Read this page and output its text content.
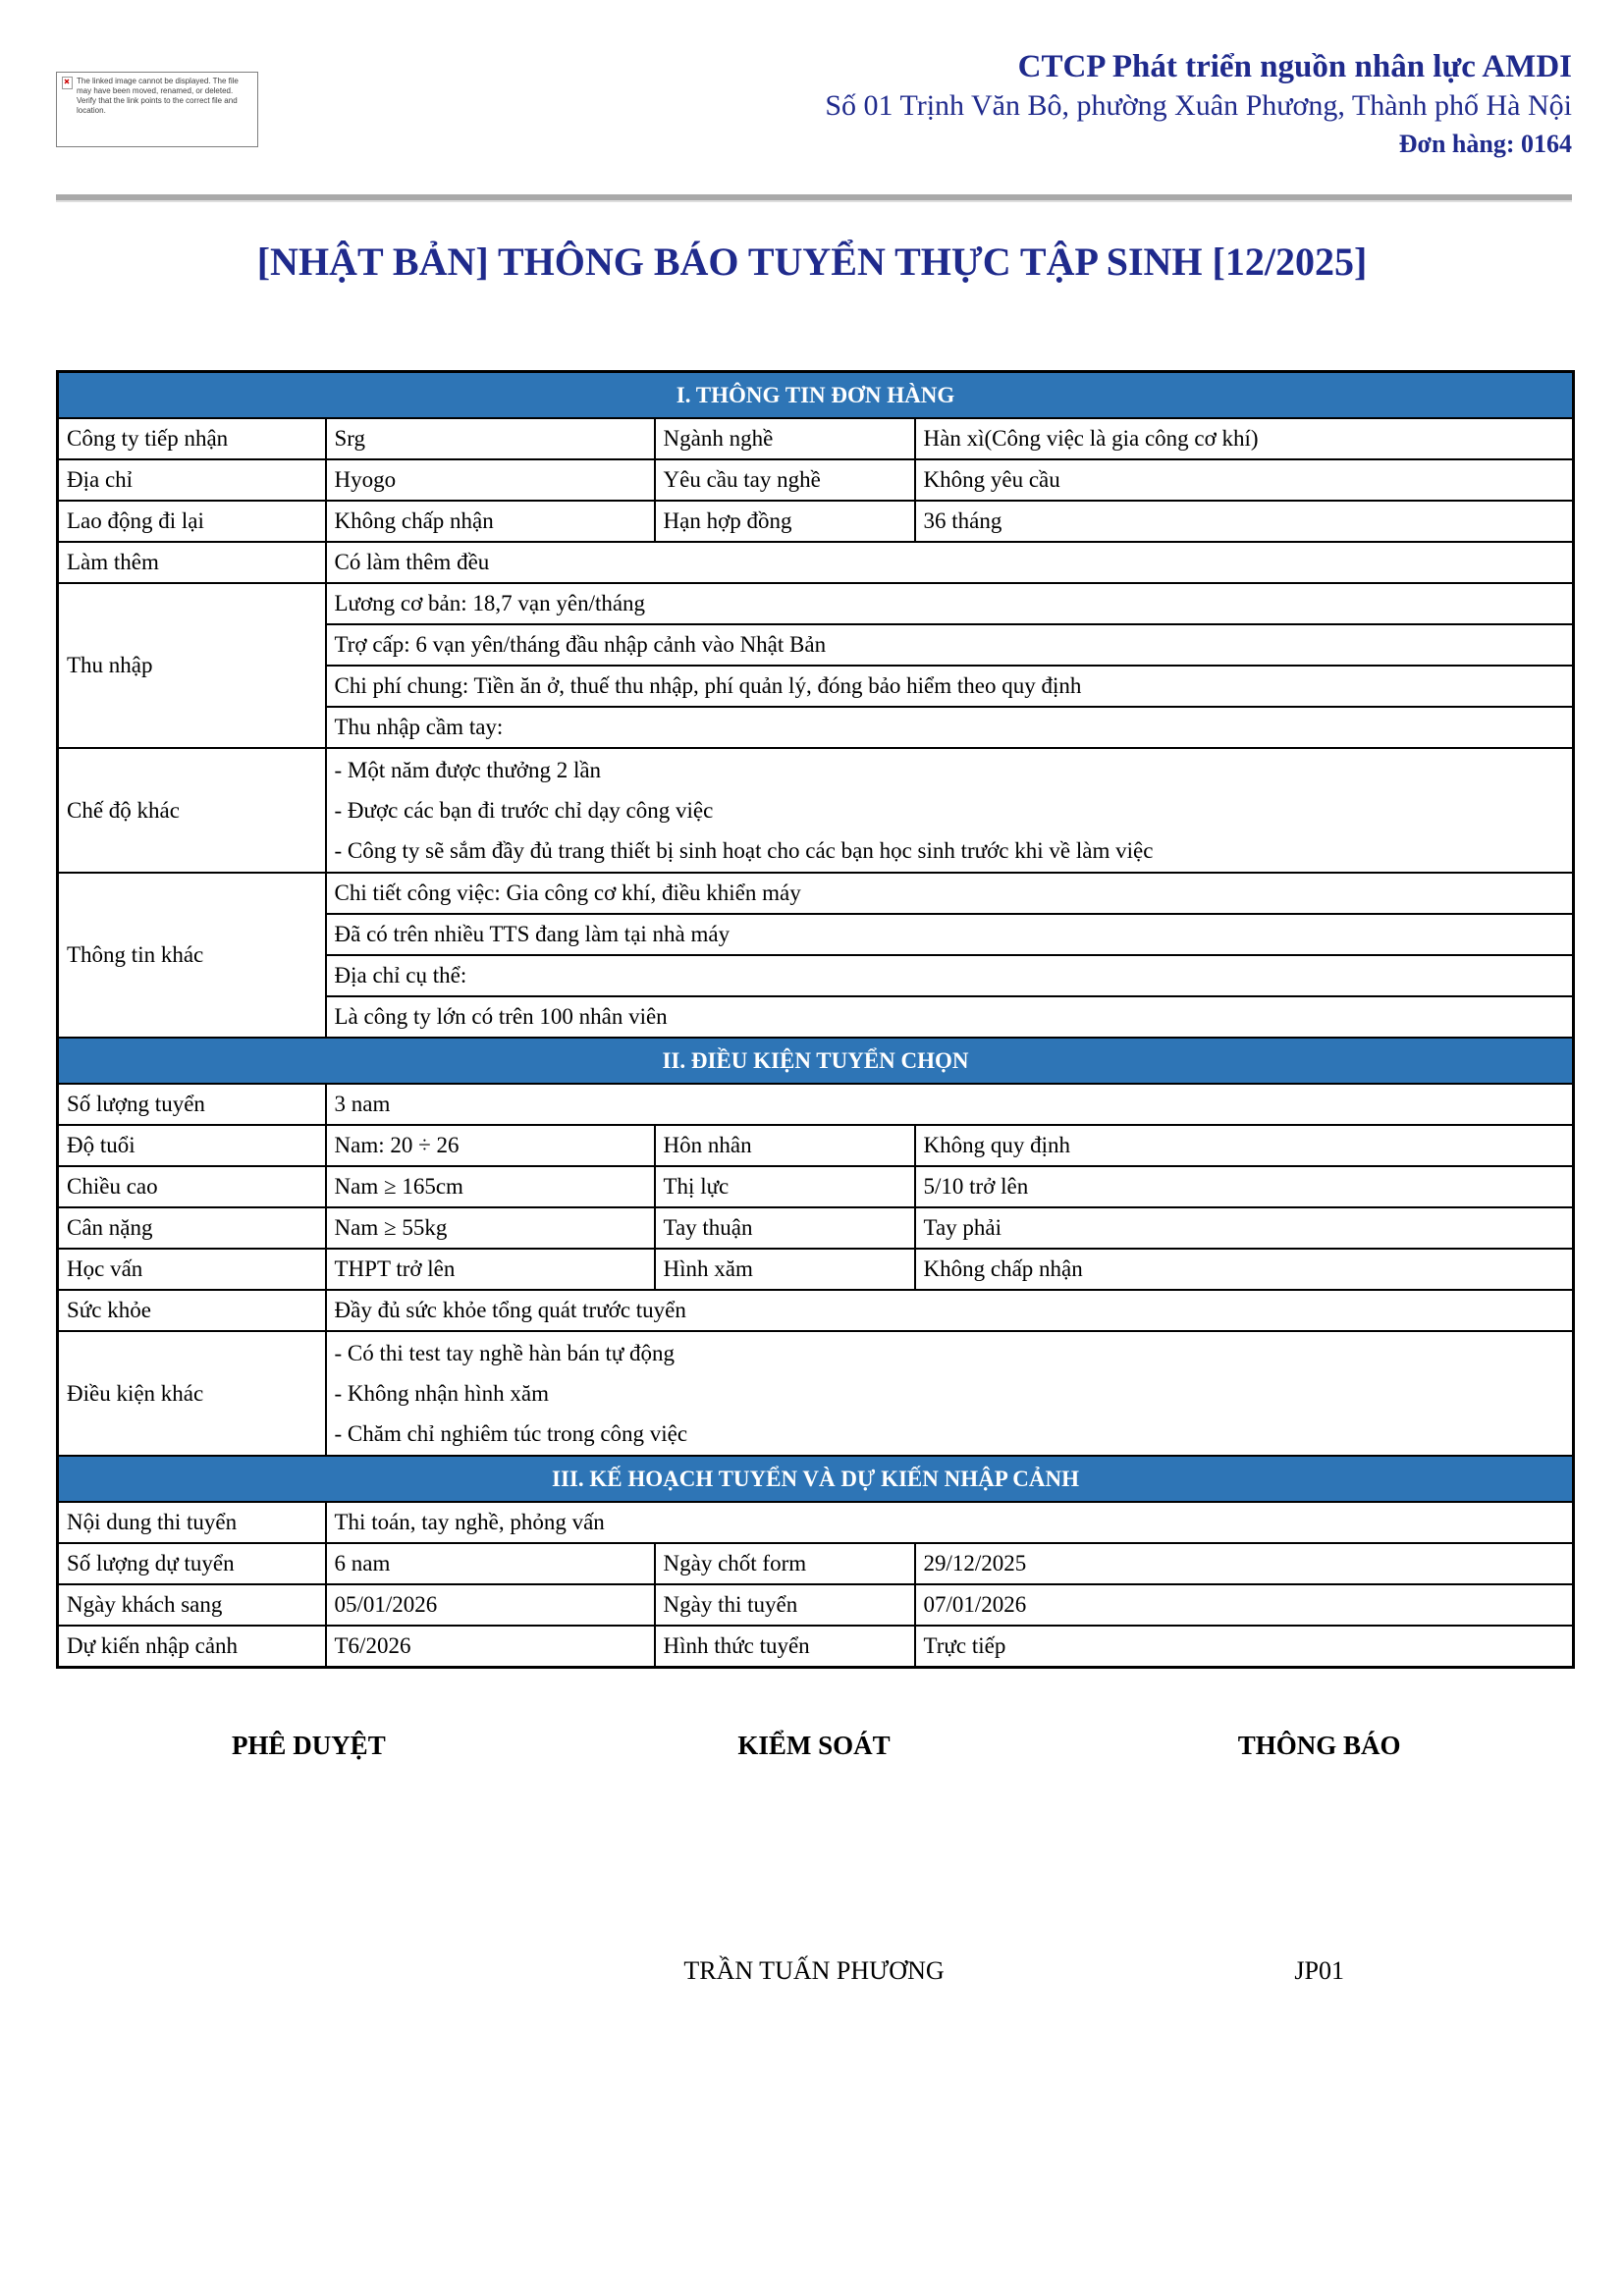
The linked image cannot be displayed. The file may have been moved, renamed, or deleted. Verify that the link points to the correct file and location.
CTCP Phát triển nguồn nhân lực AMDI
Số 01 Trịnh Văn Bô, phường Xuân Phương, Thành phố Hà Nội
Đơn hàng: 0164
[NHẬT BẢN] THÔNG BÁO TUYỂN THỰC TẬP SINH [12/2025]
I. THÔNG TIN ĐƠN HÀNG			
Công ty tiếp nhận	Srg	Ngành nghề	Hàn xì(Công việc là gia công cơ khí)
Địa chỉ	Hyogo	Yêu cầu tay nghề	Không yêu cầu
Lao động đi lại	Không chấp nhận	Hạn hợp đồng	36 tháng
Làm thêm	Có làm thêm đều		
Thu nhập	Lương cơ bản: 18,7 vạn yên/tháng		
	Trợ cấp: 6 vạn yên/tháng đầu nhập cảnh vào Nhật Bản		
	Chi phí chung: Tiền ăn ở, thuế thu nhập, phí quản lý, đóng bảo hiểm theo quy định		
	Thu nhập cầm tay:		
Chế độ khác	- Một năm được thưởng 2 lần
- Được các bạn đi trước chỉ dạy công việc
- Công ty sẽ sắm đầy đủ trang thiết bị sinh hoạt cho các bạn học sinh trước khi về làm việc		

Thông tin khác	Chi tiết công việc: Gia công cơ khí, điều khiển máy		
	Đã có trên nhiều TTS đang làm tại nhà máy		
	Địa chỉ cụ thể:		
	Là công ty lớn có trên 100 nhân viên		
II. ĐIỀU KIỆN TUYỂN CHỌN			
Số lượng tuyển	3 nam		
Độ tuổi	Nam: 20 ÷ 26	Hôn nhân	Không quy định
Chiều cao	Nam ≥ 165cm	Thị lực	5/10 trở lên
Cân nặng	Nam ≥ 55kg	Tay thuận	Tay phải
Học vấn	THPT trở lên	Hình xăm	Không chấp nhận
Sức khỏe	Đầy đủ sức khỏe tổng quát trước tuyển		
Điều kiện khác	- Có thi test tay nghề hàn bán tự động
- Không nhận hình xăm
- Chăm chỉ nghiêm túc trong công việc		

III. KẾ HOẠCH TUYỂN VÀ DỰ KIẾN NHẬP CẢNH			
Nội dung thi tuyển	Thi toán, tay nghề, phỏng vấn		
Số lượng dự tuyển	6 nam	Ngày chốt form	29/12/2025
Ngày khách sang	05/01/2026	Ngày thi tuyển	07/01/2026
Dự kiến nhập cảnh	T6/2026	Hình thức tuyển	Trực tiếp
PHÊ DUYỆT	KIỂM SOÁT	THÔNG BÁO
TRẦN TUẤN PHƯƠNG	JP01
